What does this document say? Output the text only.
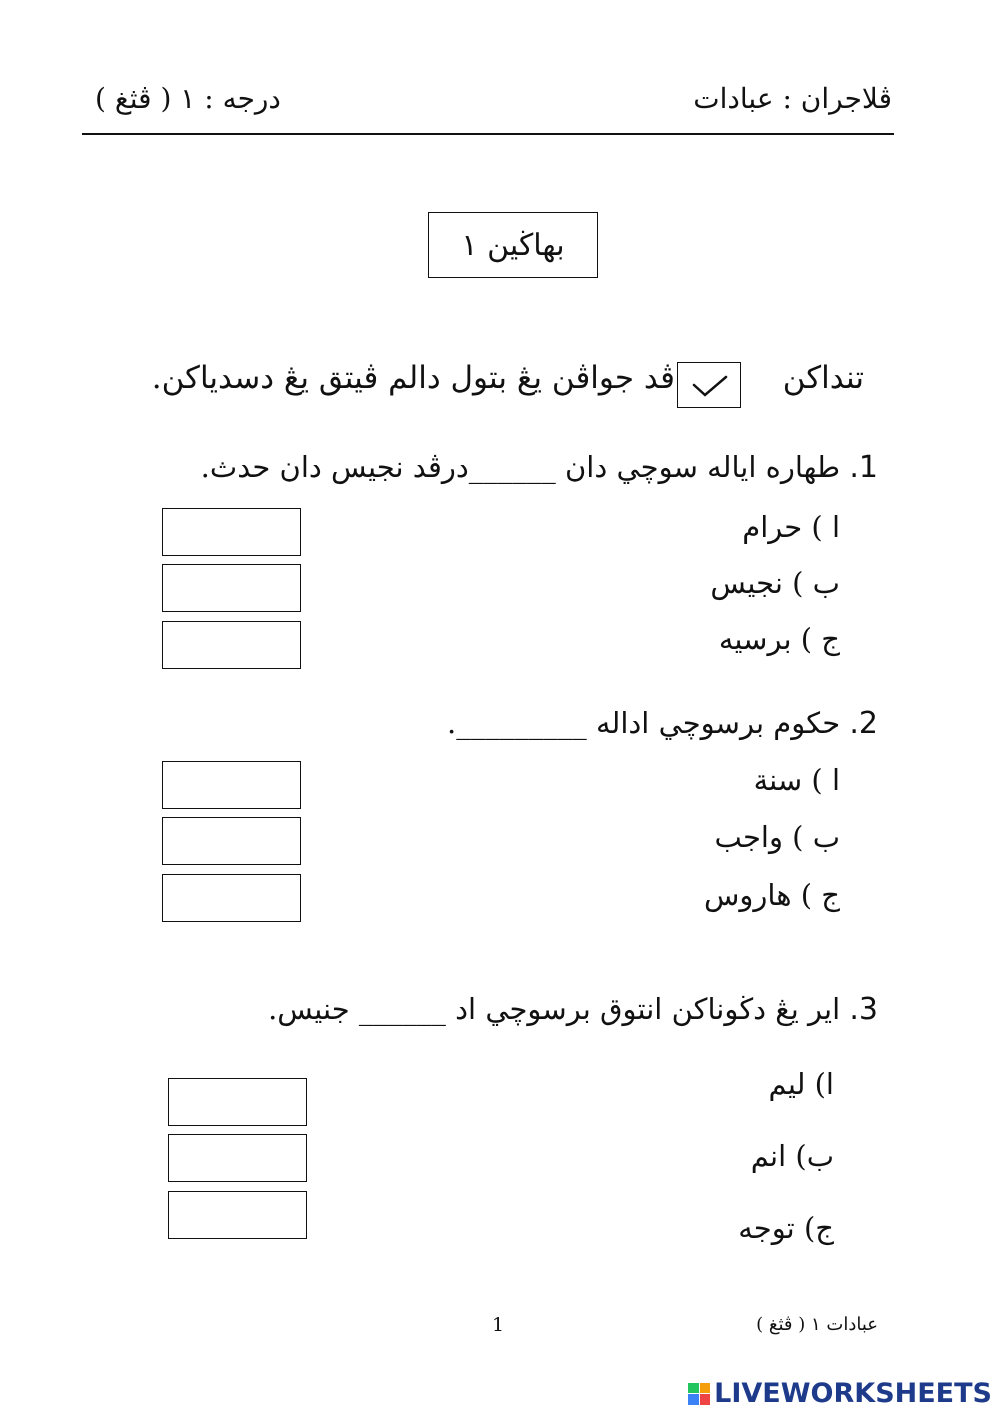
درجه : ١ ( ڤثغ )	ڤلاجران : عبادات
بهاڬين ١
تنداكن
ڤد جواڤن يڠ بتول دالم ڤيتق يڠ دسدياكن.
1. طهاره اياله سوچي دان ______درڤد نجيس دان حدث.
ا ) حرام
ب ) نجيس
ج ) برسيه
2. حكوم برسوچي اداله _________.
ا ) سنة
ب ) واجب
ج ) هاروس
3. اير يڠ دڬوناكن انتوق برسوچي اد ______ جنيس.
ا) ليم
ب) انم
ج) توجه
عبادات ١ ( ڤثغ )
1
LIVEWORKSHEETS
